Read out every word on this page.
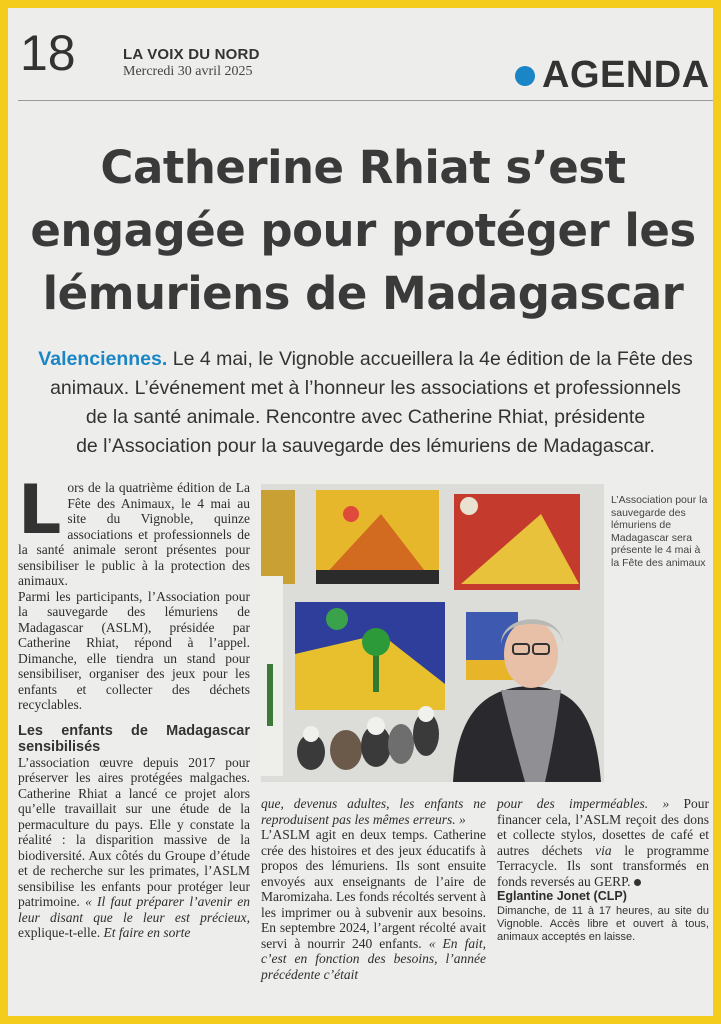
18	LA VOIX DU NORD
Mercredi 30 avril 2025	AGENDA
Catherine Rhiat s’est
engagée pour protéger les
lémuriens de Madagascar
Valenciennes. Le 4 mai, le Vignoble accueillera la 4e édition de la Fête des
animaux. L’événement met à l’honneur les associations et professionnels
de la santé animale. Rencontre avec Catherine Rhiat, présidente
de l’Association pour la sauvegarde des lémuriens de Madagascar.

Lors de la quatrième édition de La Fête des Animaux, le 4 mai au site du Vignoble, quinze associations et professionnels de la santé animale seront présentes pour sensibiliser le public à la protection des animaux.

Parmi les participants, l’Association pour la sauvegarde des lémuriens de Madagascar (ASLM), présidée par Catherine Rhiat, répond à l’appel. Dimanche, elle tiendra un stand pour sensibiliser, organiser des jeux pour les enfants et collecter des déchets recyclables.

Les enfants de Madagascar sensibilisés

L’association œuvre depuis 2017 pour préserver les aires protégées malgaches. Catherine Rhiat a lancé ce projet alors qu’elle travaillait sur une étude de la permaculture du pays. Elle y constate la réalité : la disparition massive de la biodiversité. Aux côtés du Groupe d’étude et de recherche sur les primates, l’ASLM sensibilise les enfants pour protéger leur patrimoine. « Il faut préparer l’avenir en leur disant que le leur est précieux, explique-t-elle. Et faire en sorte

que, devenus adultes, les enfants ne reproduisent pas les mêmes erreurs. »

L’ASLM agit en deux temps. Catherine crée des histoires et des jeux éducatifs à propos des lémuriens. Ils sont ensuite envoyés aux enseignants de l’aire de Maromizaha. Les fonds récoltés servent à les imprimer ou à subvenir aux besoins. En septembre 2024, l’argent récolté avait servi à nourrir 240 enfants. « En fait, c’est en fonction des besoins, l’année précédente c’était

pour des imperméables. » Pour financer cela, l’ASLM reçoit des dons et collecte stylos, dosettes de café et autres déchets via le programme Terracycle. Ils sont transformés en fonds reversés au GERP.

Eglantine Jonet (CLP)

Dimanche, de 11 à 17 heures, au site du Vignoble. Accès libre et ouvert à tous, animaux acceptés en laisse.

L’Association pour la sauvegarde des lémuriens de Madagascar sera présente le 4 mai à la Fête des animaux
